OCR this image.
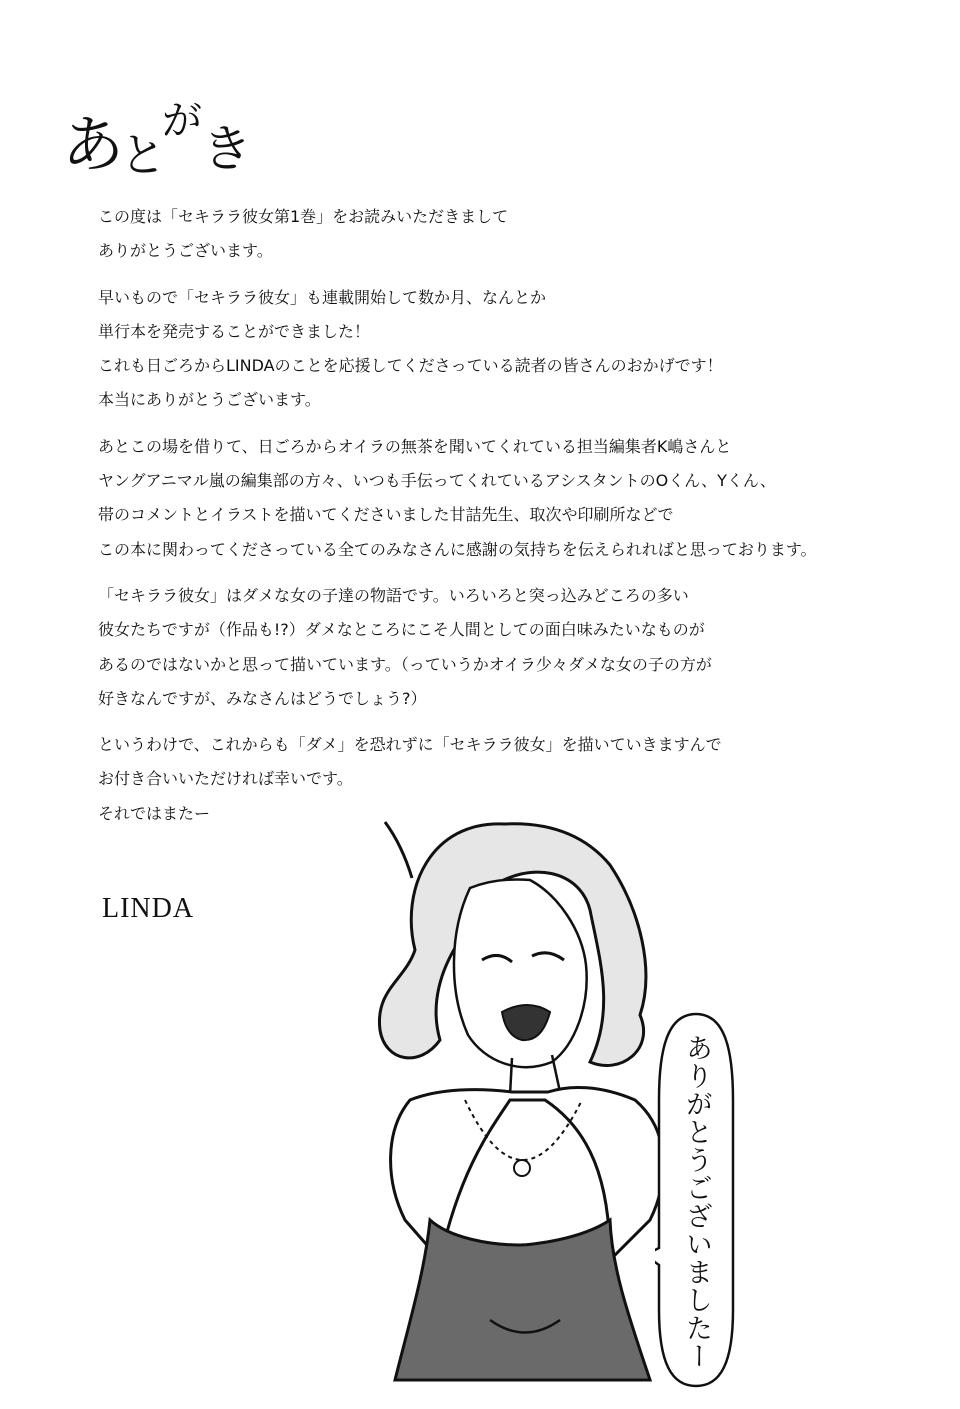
あ
と
が き

この度は「セキララ彼女第1巻」をお読みいただきまして
ありがとうございます。

早いもので「セキララ彼女」も連載開始して数か月、なんとか
単行本を発売することができました！
これも日ごろからLINDAのことを応援してくださっている読者の皆さんのおかげです！
本当にありがとうございます。

あとこの場を借りて、日ごろからオイラの無茶を聞いてくれている担当編集者K嶋さんと
ヤングアニマル嵐の編集部の方々、いつも手伝ってくれているアシスタントのOくん、Yくん、
帯のコメントとイラストを描いてくださいました甘詰先生、取次や印刷所などで
この本に関わってくださっている全てのみなさんに感謝の気持ちを伝えられればと思っております。

「セキララ彼女」はダメな女の子達の物語です。いろいろと突っ込みどころの多い
彼女たちですが（作品も!?）ダメなところにこそ人間としての面白味みたいなものが
あるのではないかと思って描いています。（っていうかオイラ少々ダメな女の子の方が
好きなんですが、みなさんはどうでしょう?）

というわけで、これからも「ダメ」を恐れずに「セキララ彼女」を描いていきますんで
お付き合いいただければ幸いです。
それではまたー

LINDA
ありがとうございましたー
